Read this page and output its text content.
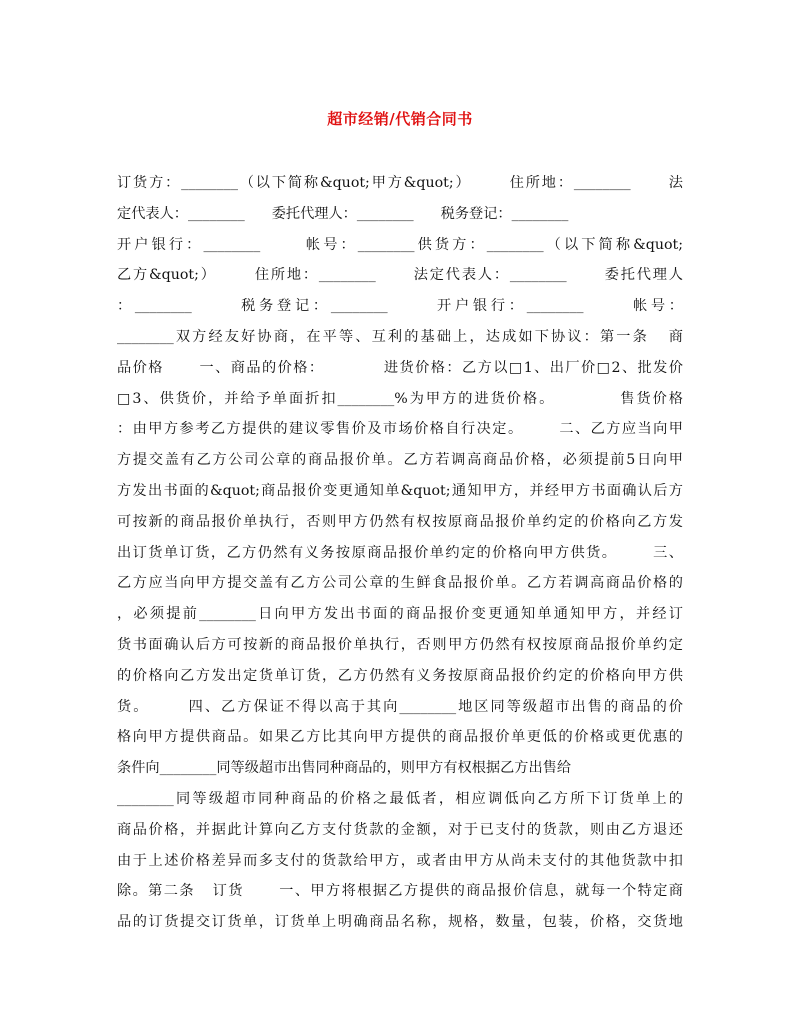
超市经销/代销合同书
订货方：________（以下简称&quot;甲方&quot;）      住所地：________      法
定代表人：________      委托代理人：________      税务登记：________
开户银行：________      帐号：________供货方：________（以下简称&quot;
乙方&quot;）      住所地：________      法定代表人：________      委托代理人
：________      税务登记：________      开户银行：________      帐号：
________双方经友好协商，在平等、互利的基础上，达成如下协议：第一条   商
品价格      一、商品的价格：          进货价格：乙方以□1、出厂价□2、批发价
□3、供货价，并给予单面折扣________%为甲方的进货价格。          售货价格
：由甲方参考乙方提供的建议零售价及市场价格自行决定。      二、乙方应当向甲
方提交盖有乙方公司公章的商品报价单。乙方若调高商品价格，必须提前5日向甲
方发出书面的&quot;商品报价变更通知单&quot;通知甲方，并经甲方书面确认后方
可按新的商品报价单执行，否则甲方仍然有权按原商品报价单约定的价格向乙方发
出订货单订货，乙方仍然有义务按原商品报价单约定的价格向甲方供货。      三、
乙方应当向甲方提交盖有乙方公司公章的生鲜食品报价单。乙方若调高商品价格的
，必须提前________日向甲方发出书面的商品报价变更通知单通知甲方，并经订
货书面确认后方可按新的商品报价单执行，否则甲方仍然有权按原商品报价单约定
的价格向乙方发出定货单订货，乙方仍然有义务按原商品报价约定的价格向甲方供
货。      四、乙方保证不得以高于其向________地区同等级超市出售的商品的价
格向甲方提供商品。如果乙方比其向甲方提供的商品报价单更低的价格或更优惠的
条件向________同等级超市出售同种商品的，则甲方有权根据乙方出售给
________同等级超市同种商品的价格之最低者，相应调低向乙方所下订货单上的
商品价格，并据此计算向乙方支付货款的金额，对于已支付的货款，则由乙方退还
由于上述价格差异而多支付的货款给甲方，或者由甲方从尚未支付的其他货款中扣
除。第二条   订货      一、甲方将根据乙方提供的商品报价信息，就每一个特定商
品的订货提交订货单，订货单上明确商品名称，规格，数量，包装，价格，交货地
